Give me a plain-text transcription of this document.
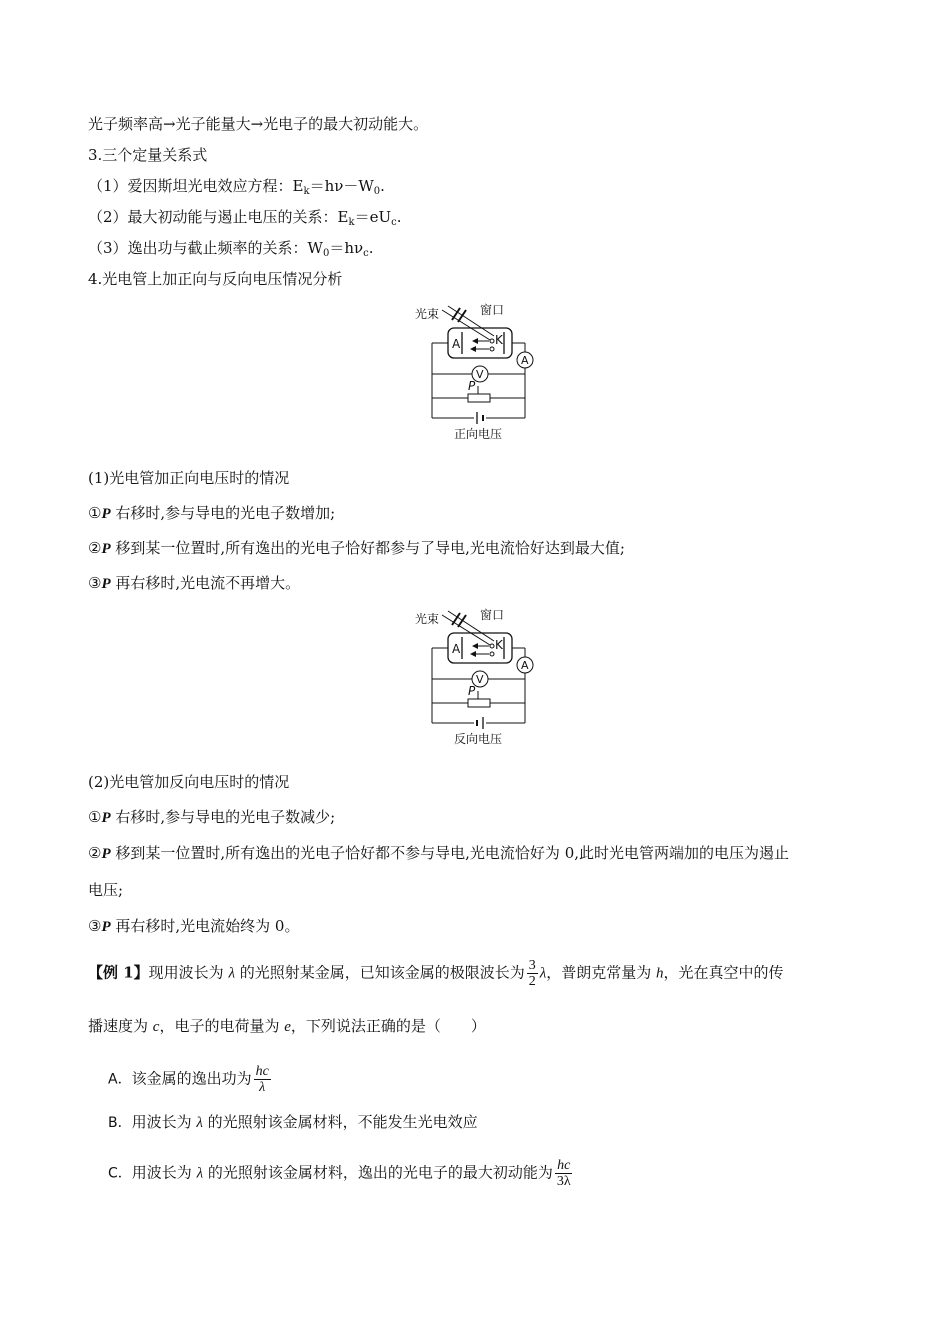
光子频率高→光子能量大→光电子的最大初动能大。
3.三个定量关系式
（1）爱因斯坦光电效应方程：$E_k=h\nu-W_0$.
（2）最大初动能与遏止电压的关系：$E_k=eU_c$.
（3）逸出功与截止频率的关系：$W_0=h\nu_c$.
4.光电管上加正向与反向电压情况分析
光束	窗口
A	K
A
V
P
正向电压
(1)光电管加正向电压时的情况
①P 右移时,参与导电的光电子数增加;
②P 移到某一位置时,所有逸出的光电子恰好都参与了导电,光电流恰好达到最大值;
③P 再右移时,光电流不再增大。
光束	窗口
A	K
A
V
P
反向电压
(2)光电管加反向电压时的情况
①P 右移时,参与导电的光电子数减少;
②P 移到某一位置时,所有逸出的光电子恰好都不参与导电,光电流恰好为 0,此时光电管两端加的电压为遏止
电压;
③P 再右移时,光电流始终为 0。
【例 1】现用波长为 λ 的光照射某金属，已知该金属的极限波长为 $\frac{3}{2}$ λ，普朗克常量为 h，光在真空中的传
播速度为 c，电子的电荷量为 e，下列说法正确的是（　　）
A．该金属的逸出功为 $\frac{hc}{\lambda}$
B．用波长为 λ 的光照射该金属材料，不能发生光电效应
C．用波长为 λ 的光照射该金属材料，逸出的光电子的最大初动能为 $\frac{hc}{3\lambda}$
